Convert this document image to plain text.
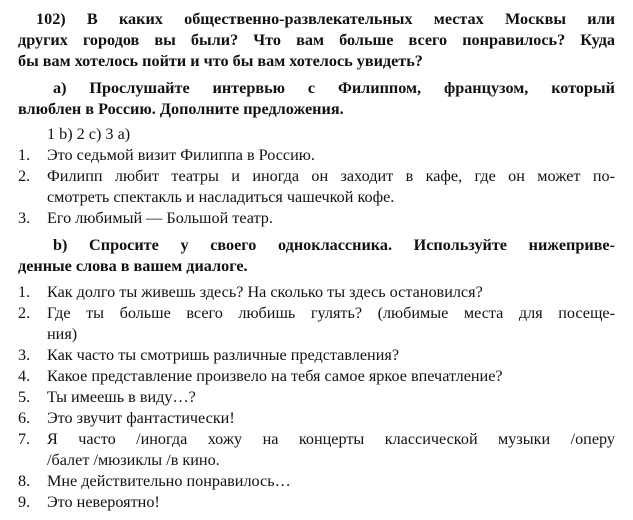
102) В каких общественно-развлекательных местах Москвы или
других городов вы были? Что вам больше всего понравилось? Куда
бы вам хотелось пойти и что бы вам хотелось увидеть?
a) Прослушайте интервью с Филиппом, французом, который
влюблен в Россию. Дополните предложения.
1 b) 2 c) 3 a)
1. Это седьмой визит Филиппа в Россию.
2. Филипп любит театры и иногда он заходит в кафе, где он может по-
смотреть спектакль и насладиться чашечкой кофе.
3. Его любимый — Большой театр.
b) Спросите у своего одноклассника. Используйте нижеприве-
денные слова в вашем диалоге.
1. Как долго ты живешь здесь? На сколько ты здесь остановился?
2. Где ты больше всего любишь гулять? (любимые места для посеще-
ния)
3. Как часто ты смотришь различные представления?
4. Какое представление произвело на тебя самое яркое впечатление?
5. Ты имеешь в виду…?
6. Это звучит фантастически!
7. Я часто /иногда хожу на концерты классической музыки /оперу
/балет /мюзиклы /в кино.
8. Мне действительно понравилось…
9. Это невероятно!
